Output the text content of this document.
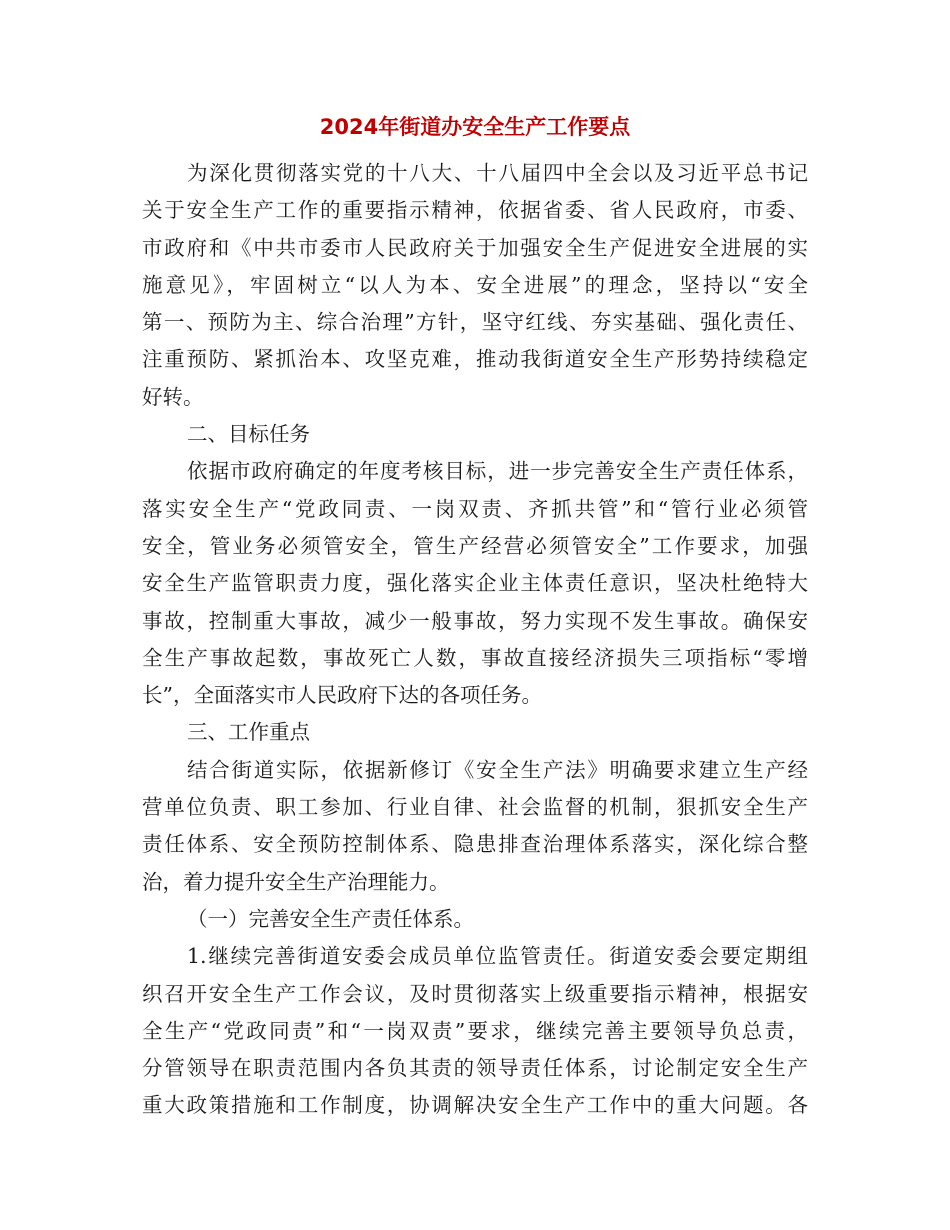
2024年街道办安全生产工作要点
为深化贯彻落实党的十八大、十八届四中全会以及习近平总书记
关于安全生产工作的重要指示精神，依据省委、省人民政府，市委、
市政府和《中共市委市人民政府关于加强安全生产促进安全进展的实
施意见》，牢固树立“以人为本、安全进展”的理念，坚持以“安全
第一、预防为主、综合治理”方针，坚守红线、夯实基础、强化责任、
注重预防、紧抓治本、攻坚克难，推动我街道安全生产形势持续稳定
好转。
二、目标任务
依据市政府确定的年度考核目标，进一步完善安全生产责任体系，
落实安全生产“党政同责、一岗双责、齐抓共管”和“管行业必须管
安全，管业务必须管安全，管生产经营必须管安全”工作要求，加强
安全生产监管职责力度，强化落实企业主体责任意识，坚决杜绝特大
事故，控制重大事故，减少一般事故，努力实现不发生事故。确保安
全生产事故起数，事故死亡人数，事故直接经济损失三项指标“零增
长”，全面落实市人民政府下达的各项任务。
三、工作重点
结合街道实际，依据新修订《安全生产法》明确要求建立生产经
营单位负责、职工参加、行业自律、社会监督的机制，狠抓安全生产
责任体系、安全预防控制体系、隐患排查治理体系落实，深化综合整
治，着力提升安全生产治理能力。
（一）完善安全生产责任体系。
1.继续完善街道安委会成员单位监管责任。街道安委会要定期组
织召开安全生产工作会议，及时贯彻落实上级重要指示精神，根据安
全生产“党政同责”和“一岗双责”要求，继续完善主要领导负总责，
分管领导在职责范围内各负其责的领导责任体系，讨论制定安全生产
重大政策措施和工作制度，协调解决安全生产工作中的重大问题。各
